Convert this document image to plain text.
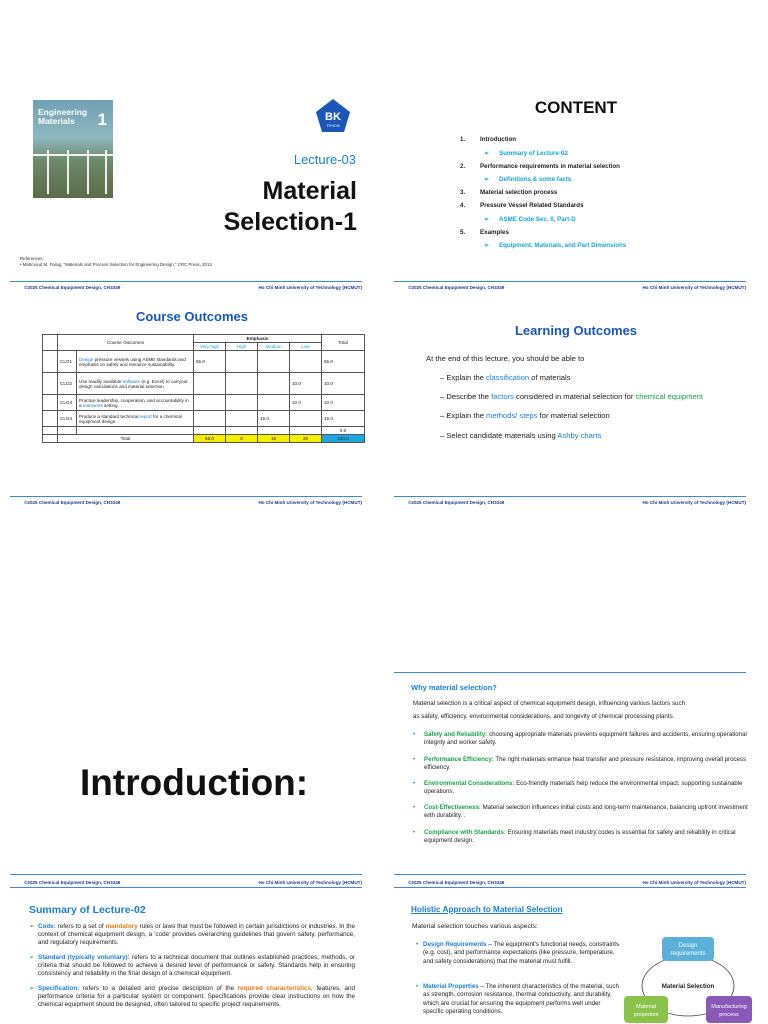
Engineering
Materials	1	BK
TP.HCM
Lecture-03
Material
Selection-1
References:
• Mahmoud M. Farag, "Materials and Process Selection for Engineering Design," CRC Press, 2013
©2025 Chemical Equipment Design, CH3349	Ho Chi Minh University of Technology (HCMUT)
CONTENT
1. Introduction
➢ Summary of Lecture-02
2. Performance requirements in material selection
➢ Definitions & some facts
3. Material selection process
4. Pressure Vessel Related Standards
➢ ASME Code Sec. II, Part-D
5. Examples
➢ Equipment, Materials, and Part Dimensions
©2025 Chemical Equipment Design, CH3349	Ho Chi Minh University of Technology (HCMUT)
Course Outcomes
©2025 Chemical Equipment Design, CH3349	Ho Chi Minh University of Technology (HCMUT)
	Course Outcomes		Emphasis				Total
			Very high	High	Medium	Low	
	CLO1	Design pressure vessels using ASME standards and emphasis on safety and resource sustainability.	65.0				65.0
	CLO2	Use readily available software (e.g. Excel) to carryout design calculations and material selection				10.0	10.0
	CLO3	Practice leadership, cooperation, and accountability in a teamwork setting.				10.0	10.0
	CLO4	Produce a standard technical report for a chemical equipment design.			15.0		15.0
							0.0
	Total		65.0	0	15	20	100.0
Learning Outcomes
At the end of this lecture, you should be able to
– Explain the classification of materials
– Describe the factors considered in material selection for chemical equipment
– Explain the methods/ steps for material selection
– Select candidate materials using Ashby charts
©2025 Chemical Equipment Design, CH3349	Ho Chi Minh University of Technology (HCMUT)
Introduction:
Why material selection?
Material selection is a critical aspect of chemical equipment design, influencing various factors such
as safety, efficiency, environmental considerations, and longevity of chemical processing plants.
• Safety and Reliability: choosing appropriate materials prevents equipment failures and accidents, ensuring operational integrity and worker safety.
• Performance Efficiency: The right materials enhance heat transfer and pressure resistance, improving overall process efficiency.
• Environmental Considerations: Eco-friendly materials help reduce the environmental impact, supporting sustainable operations.
• Cost-Effectiveness: Material selection influences initial costs and long-term maintenance, balancing upfront investment with durability. .
• Compliance with Standards: Ensuring materials meet industry codes is essential for safety and reliability in critical equipment design.
©2025 Chemical Equipment Design, CH3349	Ho Chi Minh University of Technology (HCMUT)
Summary of Lecture-02
➢ Code: refers to a set of mandatory rules or laws that must be followed in certain jurisdictions or industries. In the context of chemical equipment design, a 'code' provides overarching guidelines that govern safety, performance, and regulatory requirements.
➢ Standard (typically voluntary): refers to a technical document that outlines established practices, methods, or criteria that should be followed to achieve a desired level of performance or safety. Standards help in ensuring consistency and reliability in the final design of a chemical equipment.
➢ Specification: refers to a detailed and precise description of the required characteristics, features, and performance criteria for a particular system or component. Specifications provide clear instructions on how the chemical equipment should be designed, often tailored to specific project requirements.
©2025 Chemical Equipment Design, CH3349	Ho Chi Minh University of Technology (HCMUT)
Holistic Approach to Material Selection
Material selection touches various aspects:
• Design Requirements – The equipment's functional needs, constraints (e.g. cost), and performance expectations (like pressure, temperature, and safety considerations) that the material must fulfill.
• Material Properties – The inherent characteristics of the material, such as strength, corrosion resistance, thermal conductivity, and durability, which are crucial for ensuring the equipment performs well under specific operating conditions.
Design
requirements
Material Selection
Material
properties
Manufacturing
process
